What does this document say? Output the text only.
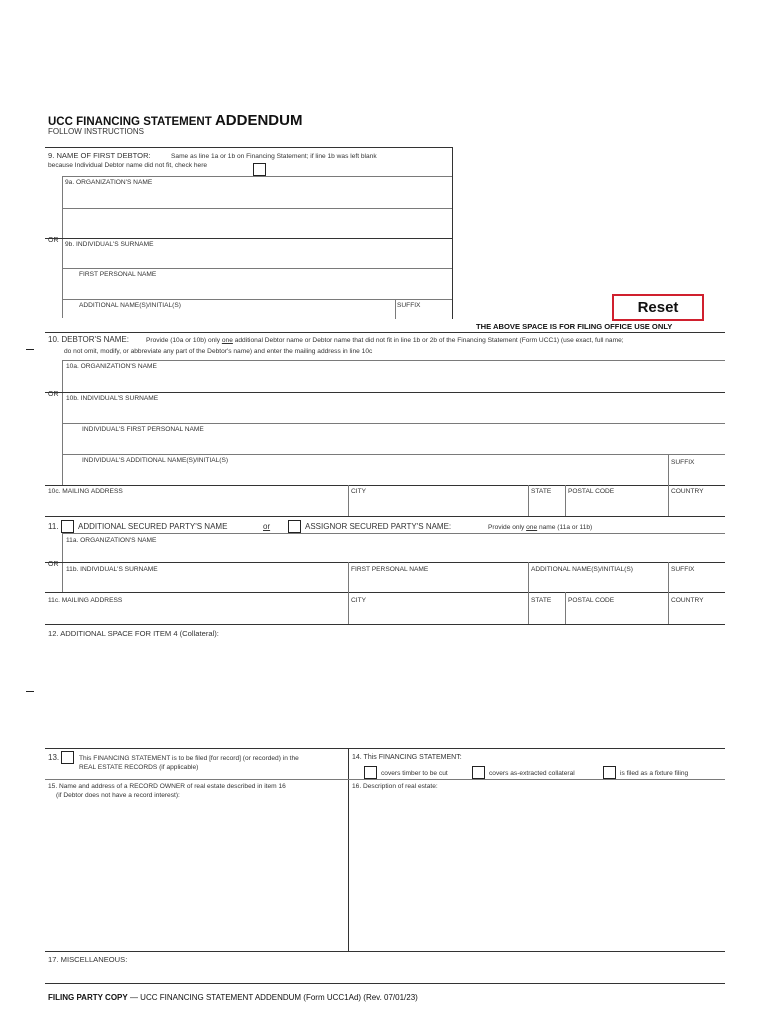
UCC FINANCING STATEMENT ADDENDUM
FOLLOW INSTRUCTIONS
9. NAME OF FIRST DEBTOR:	Same as line 1a or 1b on Financing Statement; if line 1b was left blank
because Individual Debtor name did not fit, check here
9a. ORGANIZATION'S NAME
OR
9b. INDIVIDUAL'S SURNAME
FIRST PERSONAL NAME
ADDITIONAL NAME(S)/INITIAL(S)	SUFFIX	Reset
THE ABOVE SPACE IS FOR FILING OFFICE USE ONLY
10. DEBTOR'S NAME:	Provide (10a or 10b) only one additional Debtor name or Debtor name that did not fit in line 1b or 2b of the Financing Statement (Form UCC1) (use exact, full name;
do not omit, modify, or abbreviate any part of the Debtor's name) and enter the mailing address in line 10c
10a. ORGANIZATION'S NAME
OR
10b. INDIVIDUAL'S SURNAME
INDIVIDUAL'S FIRST PERSONAL NAME
INDIVIDUAL'S ADDITIONAL NAME(S)/INITIAL(S)	SUFFIX
10c. MAILING ADDRESS	CITY	STATE	POSTAL CODE	COUNTRY
11. ADDITIONAL SECURED PARTY'S NAME	or	ASSIGNOR SECURED PARTY'S NAME:	Provide only one name (11a or 11b)
11a. ORGANIZATION'S NAME
OR
11b. INDIVIDUAL'S SURNAME	FIRST PERSONAL NAME	ADDITIONAL NAME(S)/INITIAL(S)	SUFFIX
11c. MAILING ADDRESS	CITY	STATE	POSTAL CODE	COUNTRY
12. ADDITIONAL SPACE FOR ITEM 4 (Collateral):
13.	This FINANCING STATEMENT is to be filed [for record] (or recorded) in the
REAL ESTATE RECORDS (if applicable)
14. This FINANCING STATEMENT:
covers timber to be cut	covers as-extracted collateral	is filed as a fixture filing
15. Name and address of a RECORD OWNER of real estate described in item 16
(if Debtor does not have a record interest):
16. Description of real estate:
17. MISCELLANEOUS:
FILING PARTY COPY — UCC FINANCING STATEMENT ADDENDUM (Form UCC1Ad) (Rev. 07/01/23)
